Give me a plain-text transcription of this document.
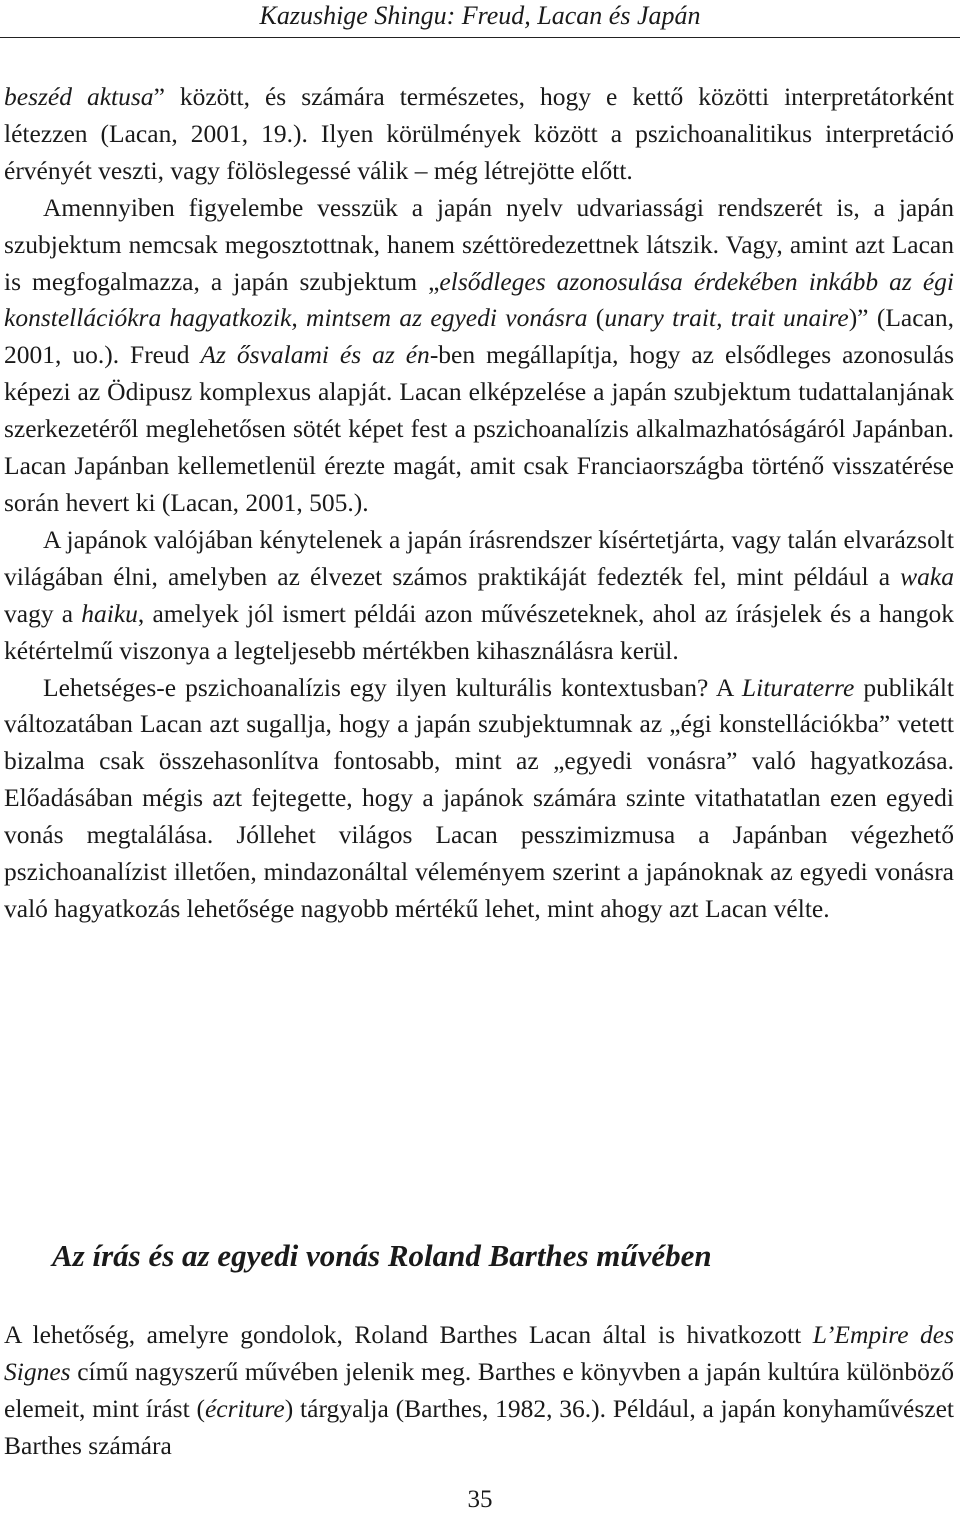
Kazushige Shingu: Freud, Lacan és Japán

beszéd aktusa” között, és számára természetes, hogy e kettő közötti interpretátorként létezzen (Lacan, 2001, 19.). Ilyen körülmények között a pszichoanalitikus interpretáció érvényét veszti, vagy fölöslegessé válik – még létrejötte előtt.

Amennyiben figyelembe vesszük a japán nyelv udvariassági rendszerét is, a japán szubjektum nemcsak megosztottnak, hanem széttöredezettnek látszik. Vagy, amint azt Lacan is megfogalmazza, a japán szubjektum „elsődleges azonosulása érdekében inkább az égi konstellációkra hagyatkozik, mintsem az egyedi vonásra (unary trait, trait unaire)” (Lacan, 2001, uo.). Freud Az ősvalami és az én-ben megállapítja, hogy az elsődleges azonosulás képezi az Ödipusz komplexus alapját. Lacan elképzelése a japán szubjektum tudattalanjának szerkezetéről meglehetősen sötét képet fest a pszichoanalízis alkalmazhatóságáról Japánban. Lacan Japánban kellemetlenül érezte magát, amit csak Franciaországba történő visszatérése során hevert ki (Lacan, 2001, 505.).

A japánok valójában kénytelenek a japán írásrendszer kísértetjárta, vagy talán elvarázsolt világában élni, amelyben az élvezet számos praktikáját fedezték fel, mint például a waka vagy a haiku, amelyek jól ismert példái azon művészeteknek, ahol az írásjelek és a hangok kétértelmű viszonya a legteljesebb mértékben kihasználásra kerül.

Lehetséges-e pszichoanalízis egy ilyen kulturális kontextusban? A Lituraterre publikált változatában Lacan azt sugallja, hogy a japán szubjektumnak az „égi konstellációkba” vetett bizalma csak összehasonlítva fontosabb, mint az „egyedi vonásra” való hagyatkozása. Előadásában mégis azt fejtegette, hogy a japánok számára szinte vitathatatlan ezen egyedi vonás megtalálása. Jóllehet világos Lacan pesszimizmusa a Japánban végezhető pszichoanalízist illetően, mindazonáltal véleményem szerint a japánoknak az egyedi vonásra való hagyatkozás lehetősége nagyobb mértékű lehet, mint ahogy azt Lacan vélte.

Az írás és az egyedi vonás Roland Barthes művében

A lehetőség, amelyre gondolok, Roland Barthes Lacan által is hivatkozott L’Empire des Signes című nagyszerű művében jelenik meg. Barthes e könyvben a japán kultúra különböző elemeit, mint írást (écriture) tárgyalja (Barthes, 1982, 36.). Például, a japán konyhaművészet Barthes számára

35
